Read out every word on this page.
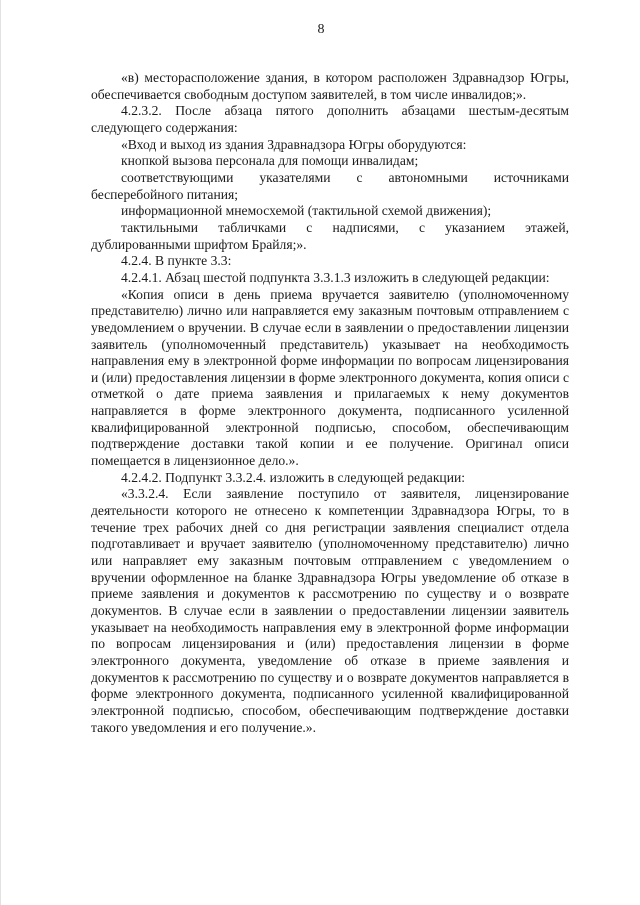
8

«в) месторасположение здания, в котором расположен Здравнадзор Югры, обеспечивается свободным доступом заявителей, в том числе инвалидов;».

4.2.3.2. После абзаца пятого дополнить абзацами шестым-десятым следующего содержания:

«Вход и выход из здания Здравнадзора Югры оборудуются:

кнопкой вызова персонала для помощи инвалидам;

соответствующими указателями с автономными источниками бесперебойного питания;

информационной мнемосхемой (тактильной схемой движения);

тактильными табличками с надписями, с указанием этажей, дублированными шрифтом Брайля;».

4.2.4. В пункте 3.3:

4.2.4.1. Абзац шестой подпункта 3.3.1.3 изложить в следующей редакции:

«Копия описи в день приема вручается заявителю (уполномоченному представителю) лично или направляется ему заказным почтовым отправлением с уведомлением о вручении. В случае если в заявлении о предоставлении лицензии заявитель (уполномоченный представитель) указывает на необходимость направления ему в электронной форме информации по вопросам лицензирования и (или) предоставления лицензии в форме электронного документа, копия описи с отметкой о дате приема заявления и прилагаемых к нему документов направляется в форме электронного документа, подписанного усиленной квалифицированной электронной подписью, способом, обеспечивающим подтверждение доставки такой копии и ее получение. Оригинал описи помещается в лицензионное дело.».

4.2.4.2. Подпункт 3.3.2.4. изложить в следующей редакции:

«3.3.2.4. Если заявление поступило от заявителя, лицензирование деятельности которого не отнесено к компетенции Здравнадзора Югры, то в течение трех рабочих дней со дня регистрации заявления специалист отдела подготавливает и вручает заявителю (уполномоченному представителю) лично или направляет ему заказным почтовым отправлением с уведомлением о вручении оформленное на бланке Здравнадзора Югры уведомление об отказе в приеме заявления и документов к рассмотрению по существу и о возврате документов. В случае если в заявлении о предоставлении лицензии заявитель указывает на необходимость направления ему в электронной форме информации по вопросам лицензирования и (или) предоставления лицензии в форме электронного документа, уведомление об отказе в приеме заявления и документов к рассмотрению по существу и о возврате документов направляется в форме электронного документа, подписанного усиленной квалифицированной электронной подписью, способом, обеспечивающим подтверждение доставки такого уведомления и его получение.».
